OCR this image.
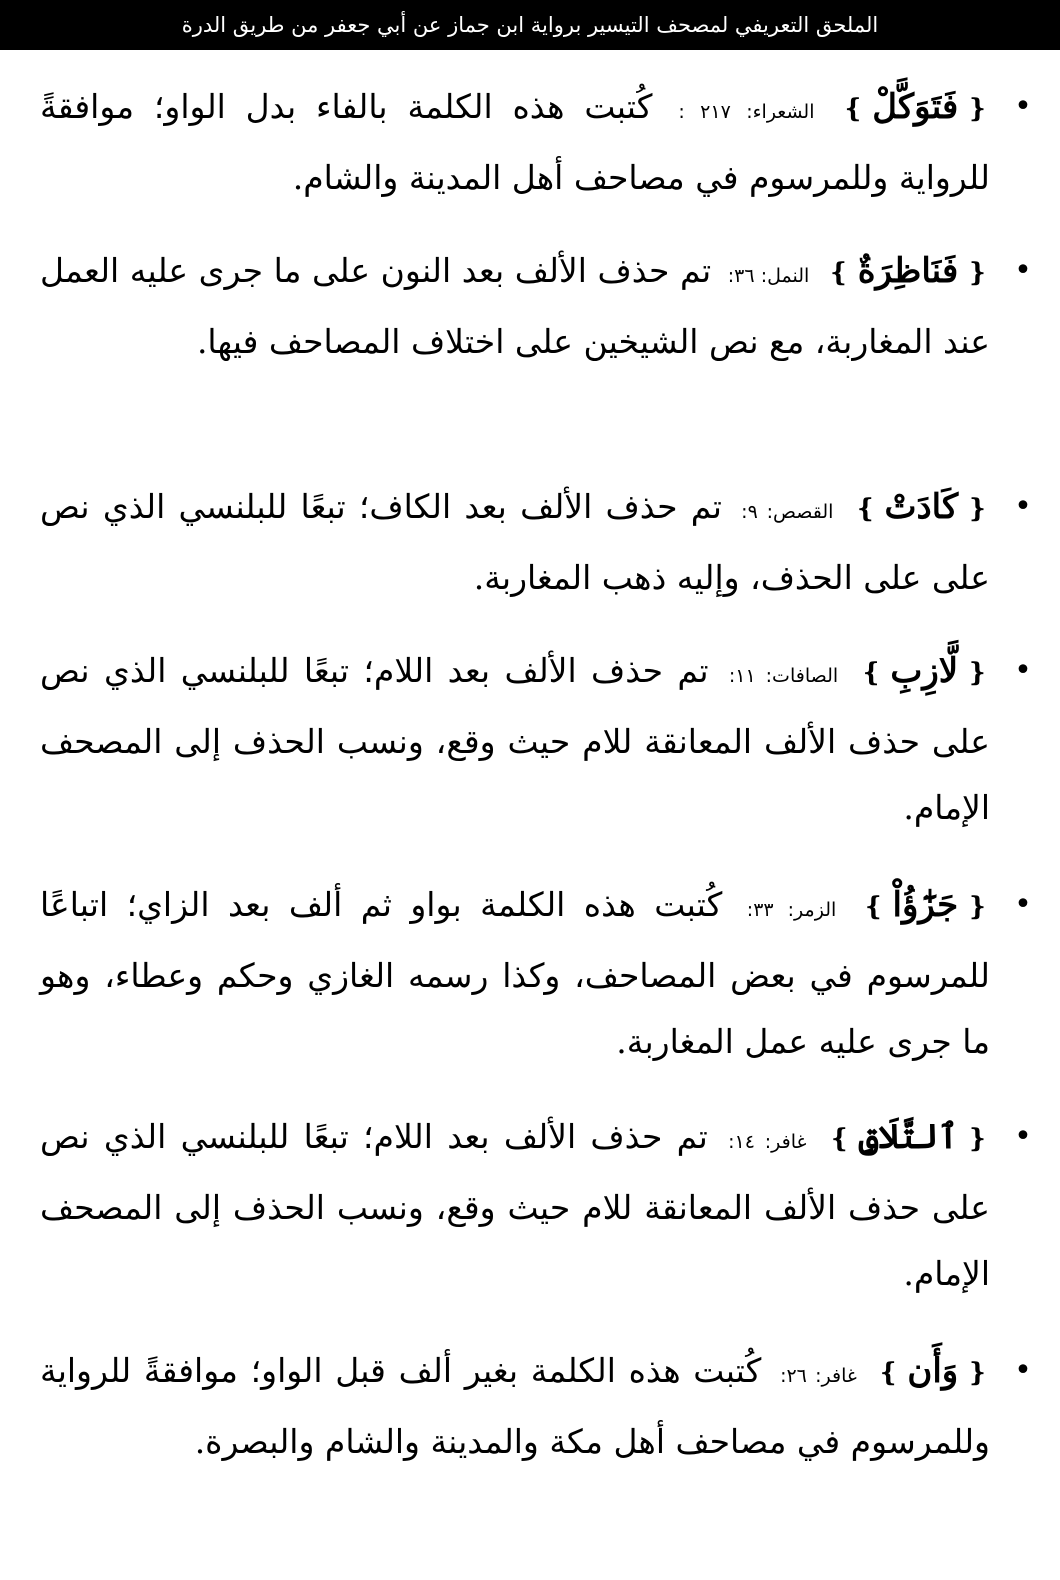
الملحق التعريفي لمصحف التيسير برواية ابن جماز عن أبي جعفر من طريق الدرة
•
❴فَتَوَكَّلْ❵ الشعراء: ٢١٧ : كُتبت هذه الكلمة بالفاء بدل الواو؛ موافقةً للرواية وللمرسوم في مصاحف أهل المدينة والشام.
•
❴فَنَاظِرَةٌ❵ النمل: ٣٦: تم حذف الألف بعد النون على ما جرى عليه العمل عند المغاربة، مع نص الشيخين على اختلاف المصاحف فيها.
•
❴كَادَتْ❵ القصص: ٩: تم حذف الألف بعد الكاف؛ تبعًا للبلنسي الذي نص على على الحذف، وإليه ذهب المغاربة.
•
❴لَّازِبِ❵ الصافات: ١١: تم حذف الألف بعد اللام؛ تبعًا للبلنسي الذي نص على حذف الألف المعانقة للام حيث وقع، ونسب الحذف إلى المصحف الإمام.
•
❴جَزَٰٓؤُاْ❵ الزمر: ٣٣: كُتبت هذه الكلمة بواو ثم ألف بعد الزاي؛ اتباعًا للمرسوم في بعض المصاحف، وكذا رسمه الغازي وحكم وعطاء، وهو ما جرى عليه عمل المغاربة.
•
❴ٱلتَّلَاقِ❵ غافر: ١٤: تم حذف الألف بعد اللام؛ تبعًا للبلنسي الذي نص على حذف الألف المعانقة للام حيث وقع، ونسب الحذف إلى المصحف الإمام.
•
❴وَأَن❵ غافر: ٢٦: كُتبت هذه الكلمة بغير ألف قبل الواو؛ موافقةً للرواية وللمرسوم في مصاحف أهل مكة والمدينة والشام والبصرة.
